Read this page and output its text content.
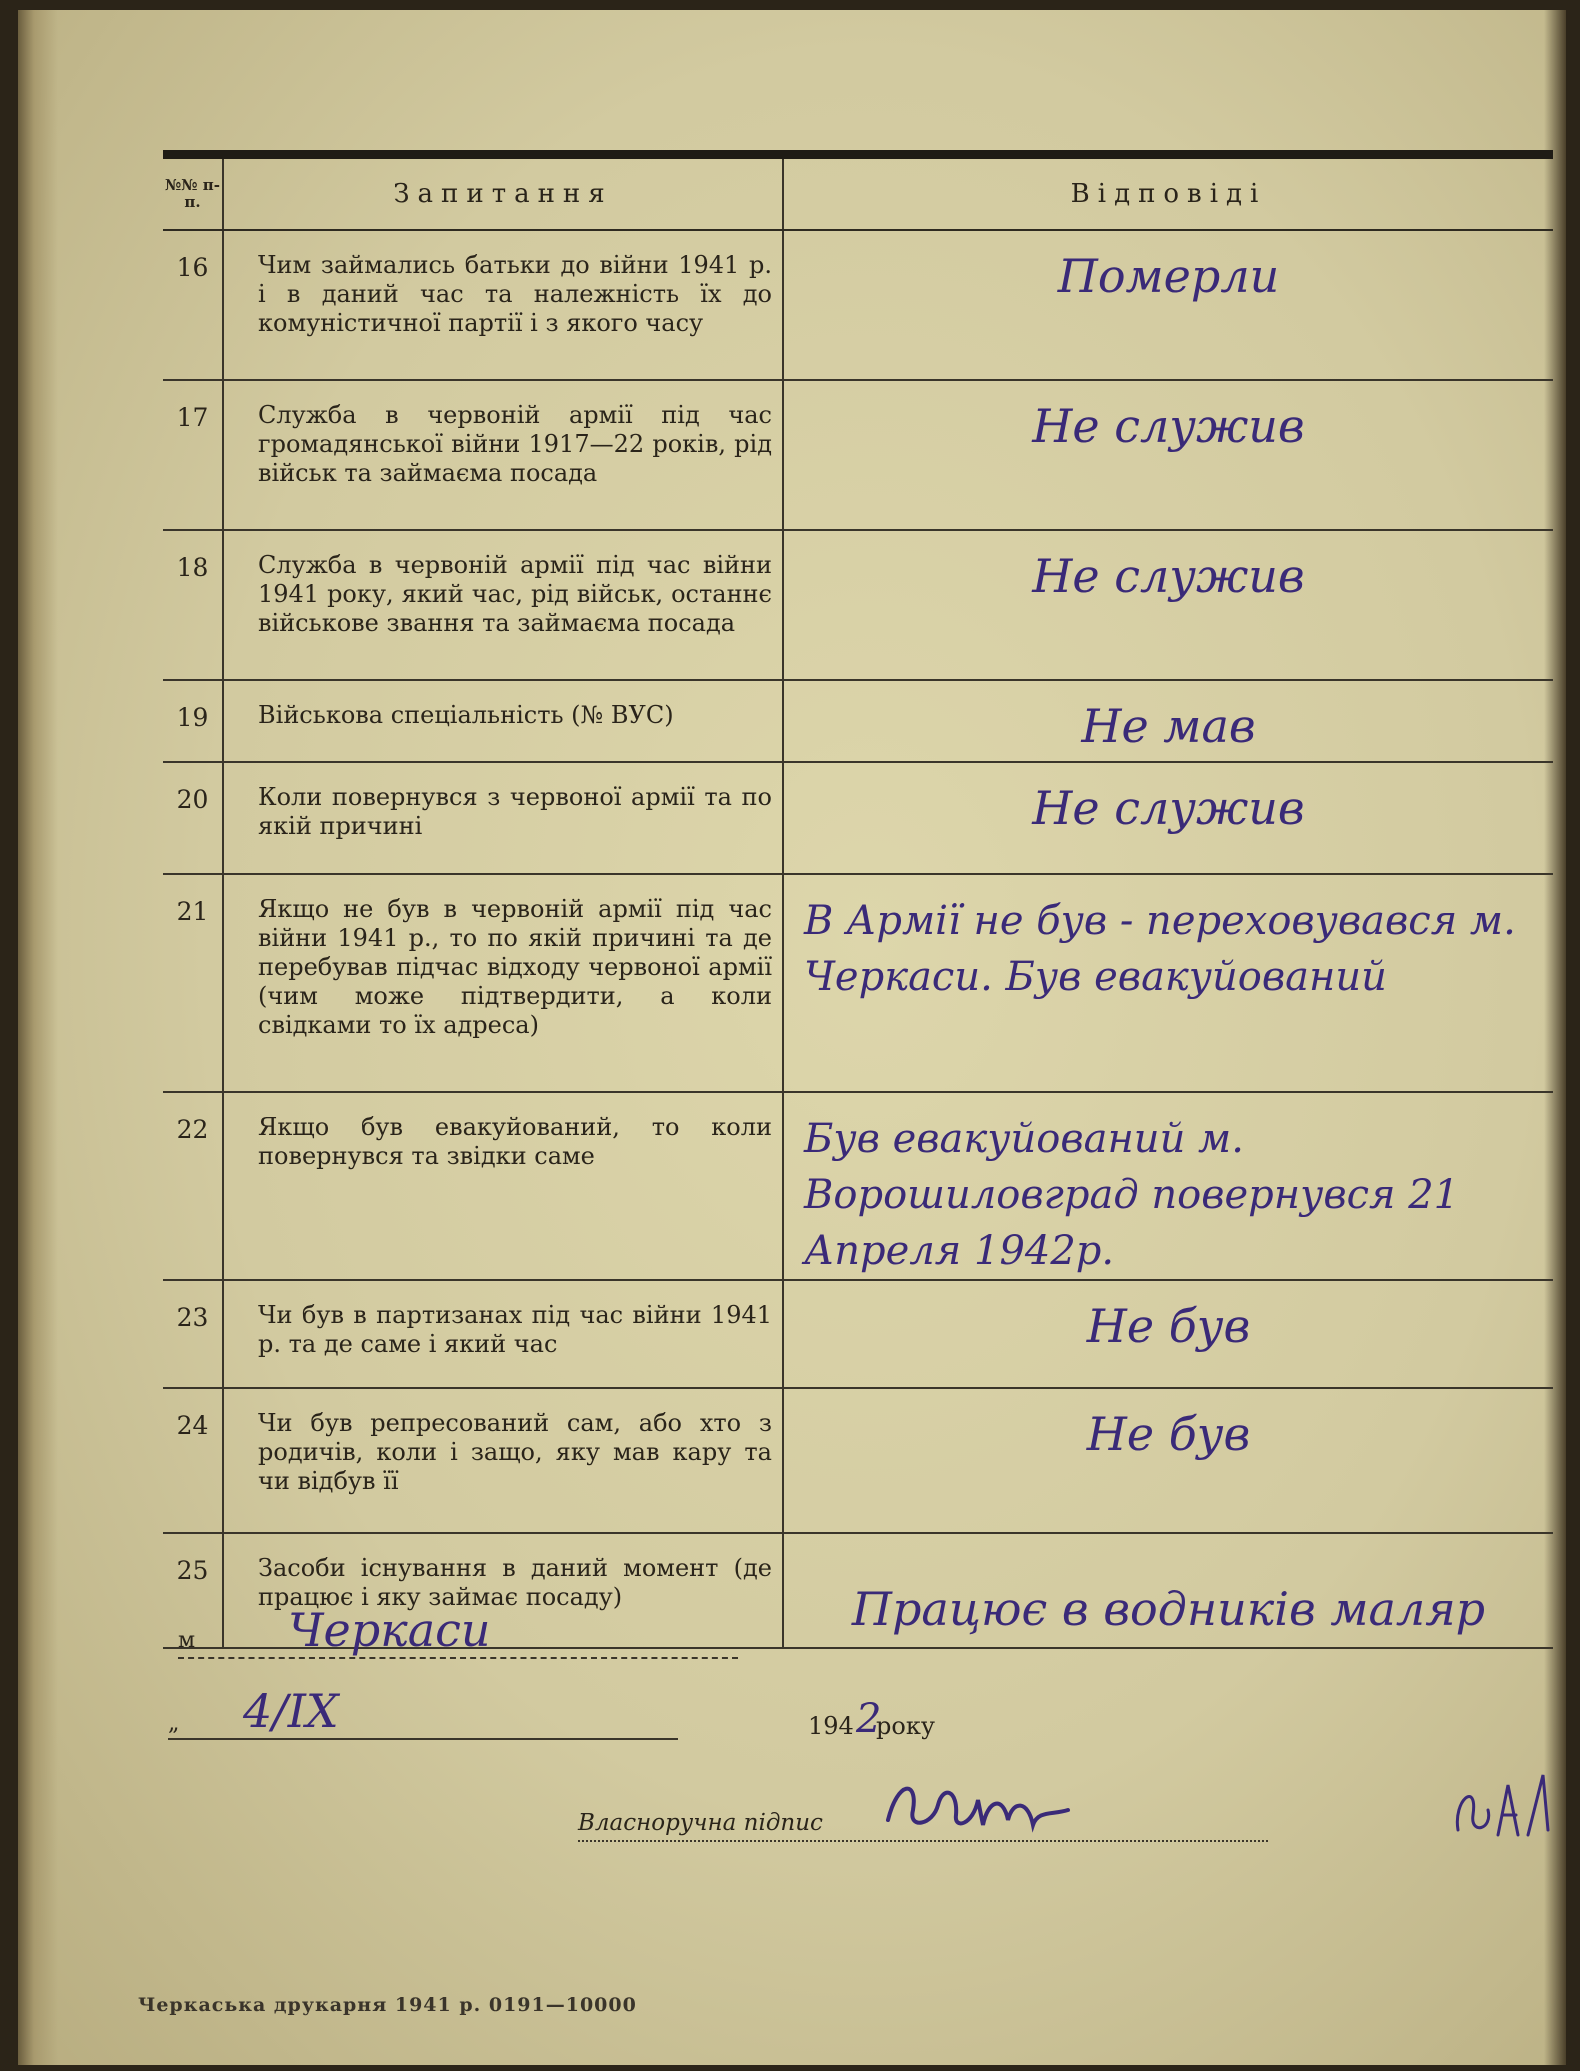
№№ п-п.	Запитання	Відповіді
16	Чим займались батьки до війни 1941 р. і в даний час та належність їх до комуністичної партії і з якого часу	Померли
17	Служба в червоній армії під час громадянської війни 1917—22 років, рід військ та займаєма посада	Не служив
18	Служба в червоній армії під час війни 1941 року, який час, рід військ, останнє військове звання та займаєма посада	Не служив
19	Військова спеціальність (№ ВУС)	Не мав
20	Коли повернувся з червоної армії та по якій причині	Не служив
21	Якщо не був в червоній армії під час війни 1941 р., то по якій причині та де перебував підчас відходу червоної армії (чим може підтвердити, а коли свідками то їх адреса)	В Армії не був - переховувався м. Черкаси. Був евакуйований
22	Якщо був евакуйований, то коли повернувся та звідки саме	Був евакуйований м. Ворошиловград повернувся 21 Апреля 1942р.
23	Чи був в партизанах під час війни 1941 р. та де саме і який час	Не був
24	Чи був репресований сам, або хто з родичів, коли і защо, яку мав кару та чи відбув її	Не був
25	Засоби існування в даний момент (де працює і яку займає посаду)	Працює в водників маляр
м Черкаси
„ 4/IX	194 2
року
Власноручна підпис
Черкаська друкарня 1941 р. 0191—10000
